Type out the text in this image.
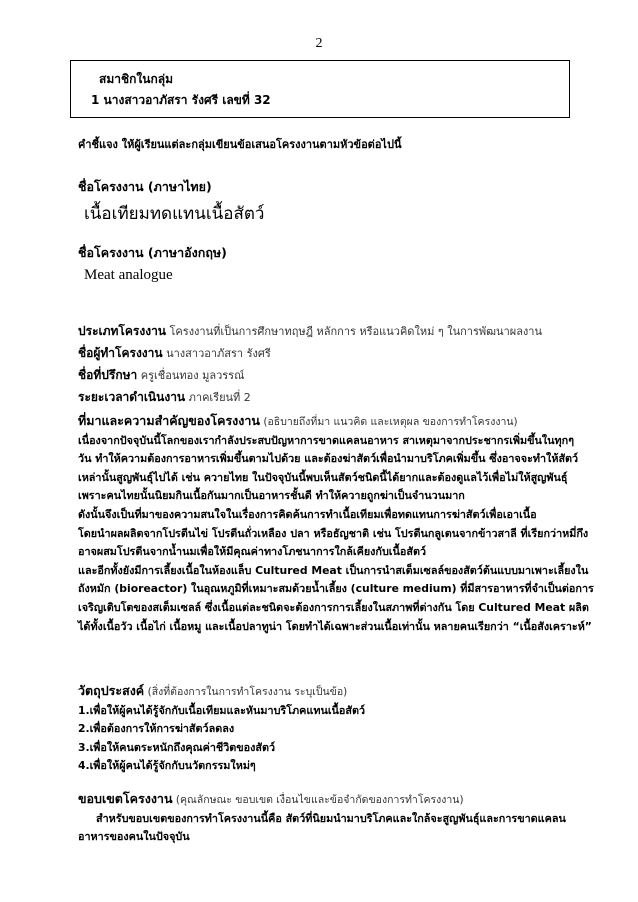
2
สมาชิกในกลุ่ม
1 นางสาวอาภัสรา รังศรี เลขที่ 32
คำชี้แจง ให้ผู้เรียนแต่ละกลุ่มเขียนข้อเสนอโครงงานตามหัวข้อต่อไปนี้
ชื่อโครงงาน (ภาษาไทย)
เนื้อเทียมทดแทนเนื้อสัตว์
ชื่อโครงงาน (ภาษาอังกฤษ)
Meat analogue
ประเภทโครงงาน โครงงานที่เป็นการศึกษาทฤษฎี หลักการ หรือแนวคิดใหม่ ๆ ในการพัฒนาผลงาน
ชื่อผู้ทำโครงงาน นางสาวอาภัสรา รังศรี
ชื่อที่ปรึกษา ครูเชื่อนทอง มูลวรรณ์
ระยะเวลาดำเนินงาน ภาคเรียนที่ 2
ที่มาและความสำคัญของโครงงาน (อธิบายถึงที่มา แนวคิด และเหตุผล ของการทำโครงงาน)
เนื่องจากปัจจุบันนี้โลกของเรากำลังประสบปัญหาการขาดแคลนอาหาร สาเหตุมาจากประชากรเพิ่มขึ้นในทุกๆ
วัน ทำให้ความต้องการอาหารเพิ่มขึ้นตามไปด้วย และต้องฆ่าสัตว์เพื่อนำมาบริโภคเพิ่มขึ้น ซึ่งอาจจะทำให้สัตว์
เหล่านั้นสูญพันธุ์ไปได้ เช่น ควายไทย ในปัจจุบันนี้พบเห็นสัตว์ชนิดนี้ได้ยากและต้องดูแลไว้เพื่อไม่ให้สูญพันธุ์
เพราะคนไทยนั้นนิยมกินเนื้อกันมากเป็นอาหารชั้นดี ทำให้ควายถูกฆ่าเป็นจำนวนมาก
ดังนั้นจึงเป็นที่มาของความสนใจในเรื่องการคิดค้นการทำเนื้อเทียมเพื่อทดแทนการฆ่าสัตว์เพื่อเอาเนื้อ
โดยนำผลผลิตจากโปรตีนไข่ โปรตีนถั่วเหลือง ปลา หรือธัญชาติ เช่น โปรตีนกลูเตนจากข้าวสาลี ที่เรียกว่าหมี่กึง
อาจผสมโปรตีนจากน้ำนมเพื่อให้มีคุณค่าทางโภชนาการใกล้เคียงกับเนื้อสัตว์
และอีกทั้งยังมีการเลี้ยงเนื้อในห้องแล็บ Cultured Meat เป็นการนำสเต็มเซลล์ของสัตว์ต้นแบบมาเพาะเลี้ยงใน
ถังหมัก (bioreactor) ในอุณหภูมิที่เหมาะสมด้วยน้ำเลี้ยง (culture medium) ที่มีสารอาหารที่จำเป็นต่อการ
เจริญเติบโตของสเต็มเซลล์ ซึ่งเนื้อแต่ละชนิดจะต้องการการเลี้ยงในสภาพที่ต่างกัน โดย Cultured Meat ผลิต
ได้ทั้งเนื้อวัว เนื้อไก่ เนื้อหมู และเนื้อปลาทูน่า โดยทำได้เฉพาะส่วนเนื้อเท่านั้น หลายคนเรียกว่า “เนื้อสังเคราะห์”
วัตถุประสงค์ (สิ่งที่ต้องการในการทำโครงงาน ระบุเป็นข้อ)
1.เพื่อให้ผู้คนได้รู้จักกับเนื้อเทียมและหันมาบริโภคแทนเนื้อสัตว์
2.เพื่อต้องการให้การฆ่าสัตว์ลดลง
3.เพื่อให้คนตระหนักถึงคุณค่าชีวิตของสัตว์
4.เพื่อให้ผู้คนได้รู้จักกับนวัตกรรมใหม่ๆ
ขอบเขตโครงงาน (คุณลักษณะ ขอบเขต เงื่อนไขและข้อจำกัดของการทำโครงงาน)
สำหรับขอบเขตของการทำโครงงานนี้คือ สัตว์ที่นิยมนำมาบริโภคและใกล้จะสูญพันธุ์และการขาดแคลน
อาหารของคนในปัจจุบัน
